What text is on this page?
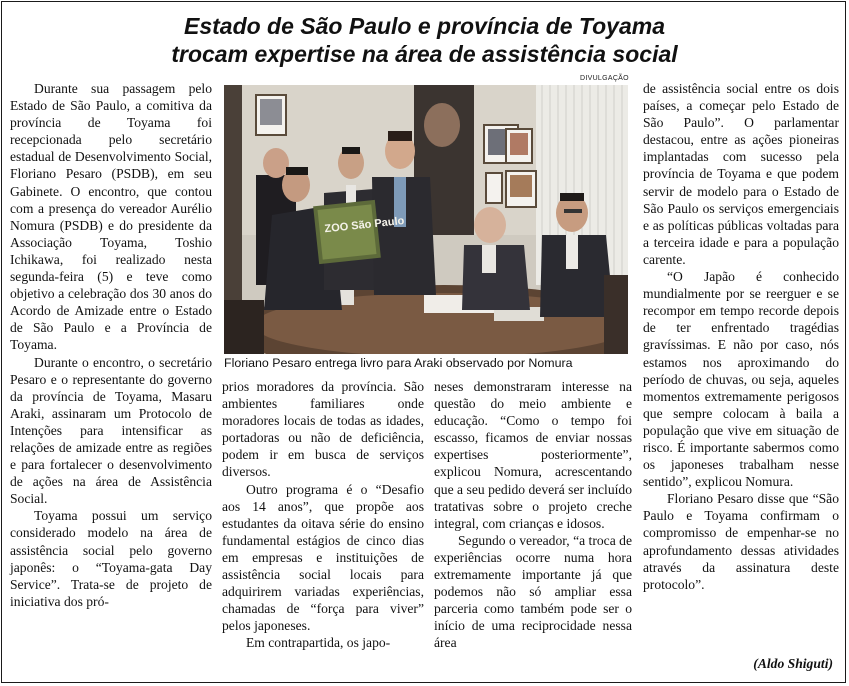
Estado de São Paulo e província de Toyama
trocam expertise na área de assistência social

Durante sua passagem pelo Estado de São Paulo, a comitiva da província de Toyama foi recepcionada pelo secretário estadual de Desenvolvimento Social, Floriano Pesaro (PSDB), em seu Gabinete. O encontro, que contou com a presença do vereador Aurélio Nomura (PSDB) e do presidente da Associação Toyama, Toshio Ichikawa, foi realizado nesta segunda-feira (5) e teve como objetivo a celebração dos 30 anos do Acordo de Amizade entre o Estado de São Paulo e a Província de Toyama.

Durante o encontro, o secretário Pesaro e o representante do governo da província de Toyama, Masaru Araki, assinaram um Protocolo de Intenções para intensificar as relações de amizade entre as regiões e para fortalecer o desenvolvimento de ações na área de Assistência Social.

Toyama possui um serviço considerado modelo na área de assistência social pelo governo japonês: o “Toyama-gata Day Service”. Trata-se de projeto de iniciativa dos pró-

DIVULGAÇÃO
ZOO São Paulo
Floriano Pesaro entrega livro para Araki observado por Nomura

prios moradores da província. São ambientes familiares onde moradores locais de todas as idades, portadoras ou não de deficiência, podem ir em busca de serviços diversos.

Outro programa é o “Desafio aos 14 anos”, que propõe aos estudantes da oitava série do ensino fundamental estágios de cinco dias em empresas e instituições de assistência social locais para adquirirem variadas experiências, chamadas de “força para viver” pelos japoneses.

Em contrapartida, os japo-

neses demonstraram interesse na questão do meio ambiente e educação. “Como o tempo foi escasso, ficamos de enviar nossas expertises posteriormente”, explicou Nomura, acrescentando que a seu pedido deverá ser incluído tratativas sobre o projeto creche integral, com crianças e idosos.

Segundo o vereador, “a troca de experiências ocorre numa hora extremamente importante já que podemos não só ampliar essa parceria como também pode ser o início de uma reciprocidade nessa área

de assistência social entre os dois países, a começar pelo Estado de São Paulo”. O parlamentar destacou, entre as ações pioneiras implantadas com sucesso pela província de Toyama e que podem servir de modelo para o Estado de São Paulo os serviços emergenciais e as políticas públicas voltadas para a terceira idade e para a população carente.

“O Japão é conhecido mundialmente por se reerguer e se recompor em tempo recorde depois de ter enfrentado tragédias gravíssimas. E não por caso, nós estamos nos aproximando do período de chuvas, ou seja, aqueles momentos extremamente perigosos que sempre colocam à baila a população que vive em situação de risco. É importante sabermos como os japoneses trabalham nesse sentido”, explicou Nomura.

Floriano Pesaro disse que “São Paulo e Toyama confirmam o compromisso de empenhar-se no aprofundamento dessas atividades através da assinatura deste protocolo”.

(Aldo Shiguti)
